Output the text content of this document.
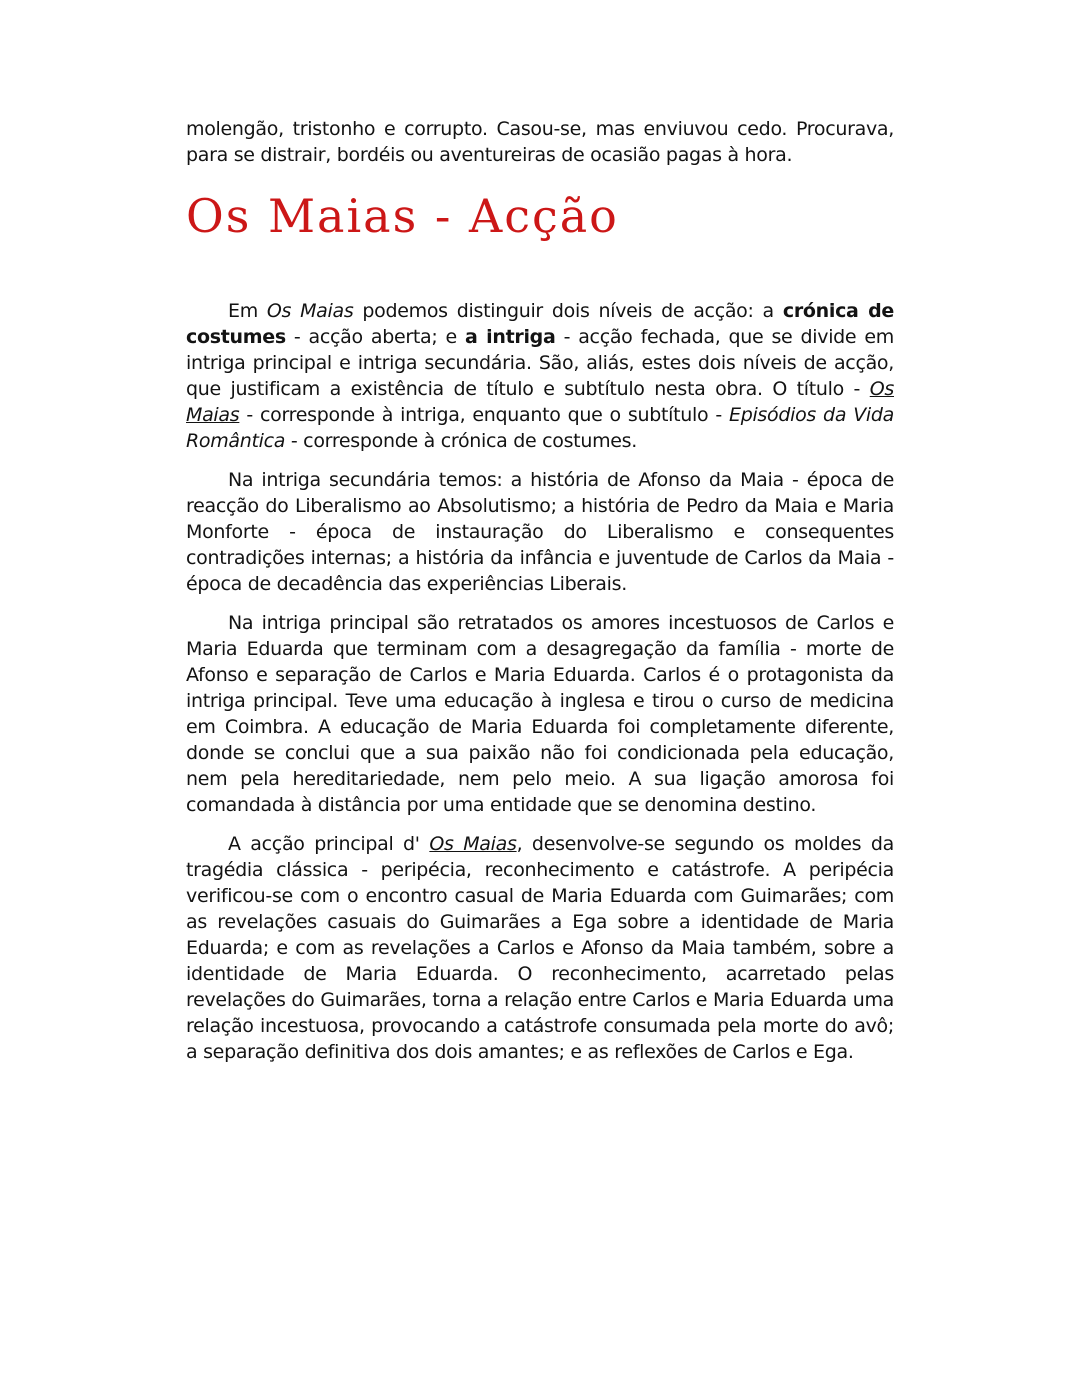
molengão, tristonho e corrupto. Casou-se, mas enviuvou cedo. Procurava, para se distrair, bordéis ou aventureiras de ocasião pagas à hora.

Os Maias - Acção

Em Os Maias podemos distinguir dois níveis de acção: a crónica de costumes - acção aberta; e a intriga - acção fechada, que se divide em intriga principal e intriga secundária. São, aliás, estes dois níveis de acção, que justificam a existência de título e subtítulo nesta obra. O título - Os Maias - corresponde à intriga, enquanto que o subtítulo - Episódios da Vida Romântica - corresponde à crónica de costumes.

Na intriga secundária temos: a história de Afonso da Maia - época de reacção do Liberalismo ao Absolutismo; a história de Pedro da Maia e Maria Monforte - época de instauração do Liberalismo e consequentes contradições internas; a história da infância e juventude de Carlos da Maia - época de decadência das experiências Liberais.

Na intriga principal são retratados os amores incestuosos de Carlos e Maria Eduarda que terminam com a desagregação da família - morte de Afonso e separação de Carlos e Maria Eduarda. Carlos é o protagonista da intriga principal. Teve uma educação à inglesa e tirou o curso de medicina em Coimbra. A educação de Maria Eduarda foi completamente diferente, donde se conclui que a sua paixão não foi condicionada pela educação, nem pela hereditariedade, nem pelo meio. A sua ligação amorosa foi comandada à distância por uma entidade que se denomina destino.

A acção principal d' Os Maias, desenvolve-se segundo os moldes da tragédia clássica - peripécia, reconhecimento e catástrofe. A peripécia verificou-se com o encontro casual de Maria Eduarda com Guimarães; com as revelações casuais do Guimarães a Ega sobre a identidade de Maria Eduarda; e com as revelações a Carlos e Afonso da Maia também, sobre a identidade de Maria Eduarda. O reconhecimento, acarretado pelas revelações do Guimarães, torna a relação entre Carlos e Maria Eduarda uma relação incestuosa, provocando a catástrofe consumada pela morte do avô; a separação definitiva dos dois amantes; e as reflexões de Carlos e Ega.
